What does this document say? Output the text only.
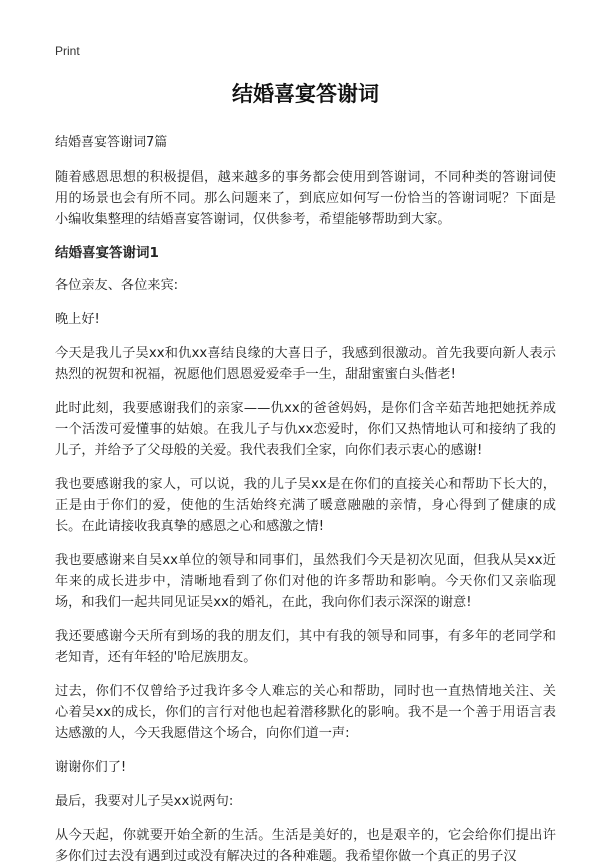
Print
结婚喜宴答谢词

结婚喜宴答谢词7篇

随着感恩思想的积极提倡，越来越多的事务都会使用到答谢词，不同种类的答谢词使用的场景也会有所不同。那么问题来了，到底应如何写一份恰当的答谢词呢？下面是小编收集整理的结婚喜宴答谢词，仅供参考，希望能够帮助到大家。

结婚喜宴答谢词1

各位亲友、各位来宾:

晚上好!

今天是我儿子吴xx和仇xx喜结良缘的大喜日子，我感到很激动。首先我要向新人表示热烈的祝贺和祝福，祝愿他们恩恩爱爱牵手一生，甜甜蜜蜜白头偕老!

此时此刻，我要感谢我们的亲家——仇xx的爸爸妈妈，是你们含辛茹苦地把她抚养成一个活泼可爱懂事的姑娘。在我儿子与仇xx恋爱时，你们又热情地认可和接纳了我的儿子，并给予了父母般的关爱。我代表我们全家，向你们表示衷心的感谢!

我也要感谢我的家人，可以说，我的儿子吴xx是在你们的直接关心和帮助下长大的，正是由于你们的爱，使他的生活始终充满了暖意融融的亲情，身心得到了健康的成长。在此请接收我真挚的感恩之心和感激之情!

我也要感谢来自吴xx单位的领导和同事们，虽然我们今天是初次见面，但我从吴xx近年来的成长进步中，清晰地看到了你们对他的许多帮助和影响。今天你们又亲临现场，和我们一起共同见证吴xx的婚礼，在此，我向你们表示深深的谢意!

我还要感谢今天所有到场的我的朋友们，其中有我的领导和同事，有多年的老同学和老知青，还有年轻的'哈尼族朋友。

过去，你们不仅曾给予过我许多令人难忘的关心和帮助，同时也一直热情地关注、关心着吴xx的成长，你们的言行对他也起着潜移默化的影响。我不是一个善于用语言表达感激的人，今天我愿借这个场合，向你们道一声:

谢谢你们了!

最后，我要对儿子吴xx说两句:

从今天起，你就要开始全新的生活。生活是美好的，也是艰辛的，它会给你们提出许多你们过去没有遇到过或没有解决过的各种难题。我希望你做一个真正的男子汉
